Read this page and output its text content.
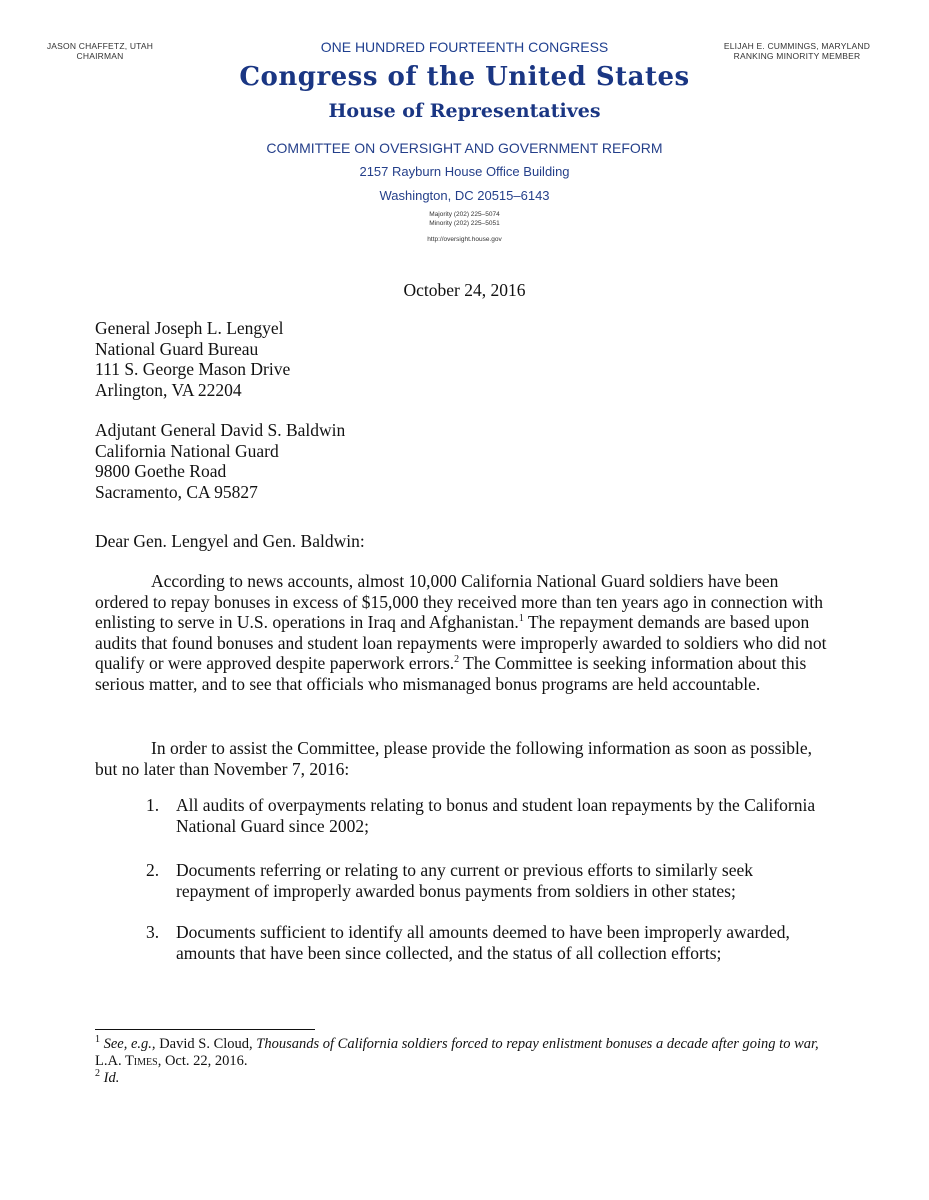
JASON CHAFFETZ, UTAH
CHAIRMAN
ELIJAH E. CUMMINGS, MARYLAND
RANKING MINORITY MEMBER
ONE HUNDRED FOURTEENTH CONGRESS
Congress of the United States
House of Representatives
COMMITTEE ON OVERSIGHT AND GOVERNMENT REFORM
2157 Rayburn House Office Building
Washington, DC 20515–6143
Majority (202) 225–5074
Minority (202) 225–5051
http://oversight.house.gov
October 24, 2016
General Joseph L. Lengyel
National Guard Bureau
111 S. George Mason Drive
Arlington, VA 22204
Adjutant General David S. Baldwin
California National Guard
9800 Goethe Road
Sacramento, CA 95827
Dear Gen. Lengyel and Gen. Baldwin:
According to news accounts, almost 10,000 California National Guard soldiers have been ordered to repay bonuses in excess of $15,000 they received more than ten years ago in connection with enlisting to serve in U.S. operations in Iraq and Afghanistan.$^1$ The repayment demands are based upon audits that found bonuses and student loan repayments were improperly awarded to soldiers who did not qualify or were approved despite paperwork errors.$^2$ The Committee is seeking information about this serious matter, and to see that officials who mismanaged bonus programs are held accountable.
In order to assist the Committee, please provide the following information as soon as possible, but no later than November 7, 2016:
1. All audits of overpayments relating to bonus and student loan repayments by the California National Guard since 2002;
2. Documents referring or relating to any current or previous efforts to similarly seek repayment of improperly awarded bonus payments from soldiers in other states;
3. Documents sufficient to identify all amounts deemed to have been improperly awarded, amounts that have been since collected, and the status of all collection efforts;
$^1$ See, e.g., David S. Cloud, Thousands of California soldiers forced to repay enlistment bonuses a decade after going to war, L.A. Times, Oct. 22, 2016.
$^2$ Id.
